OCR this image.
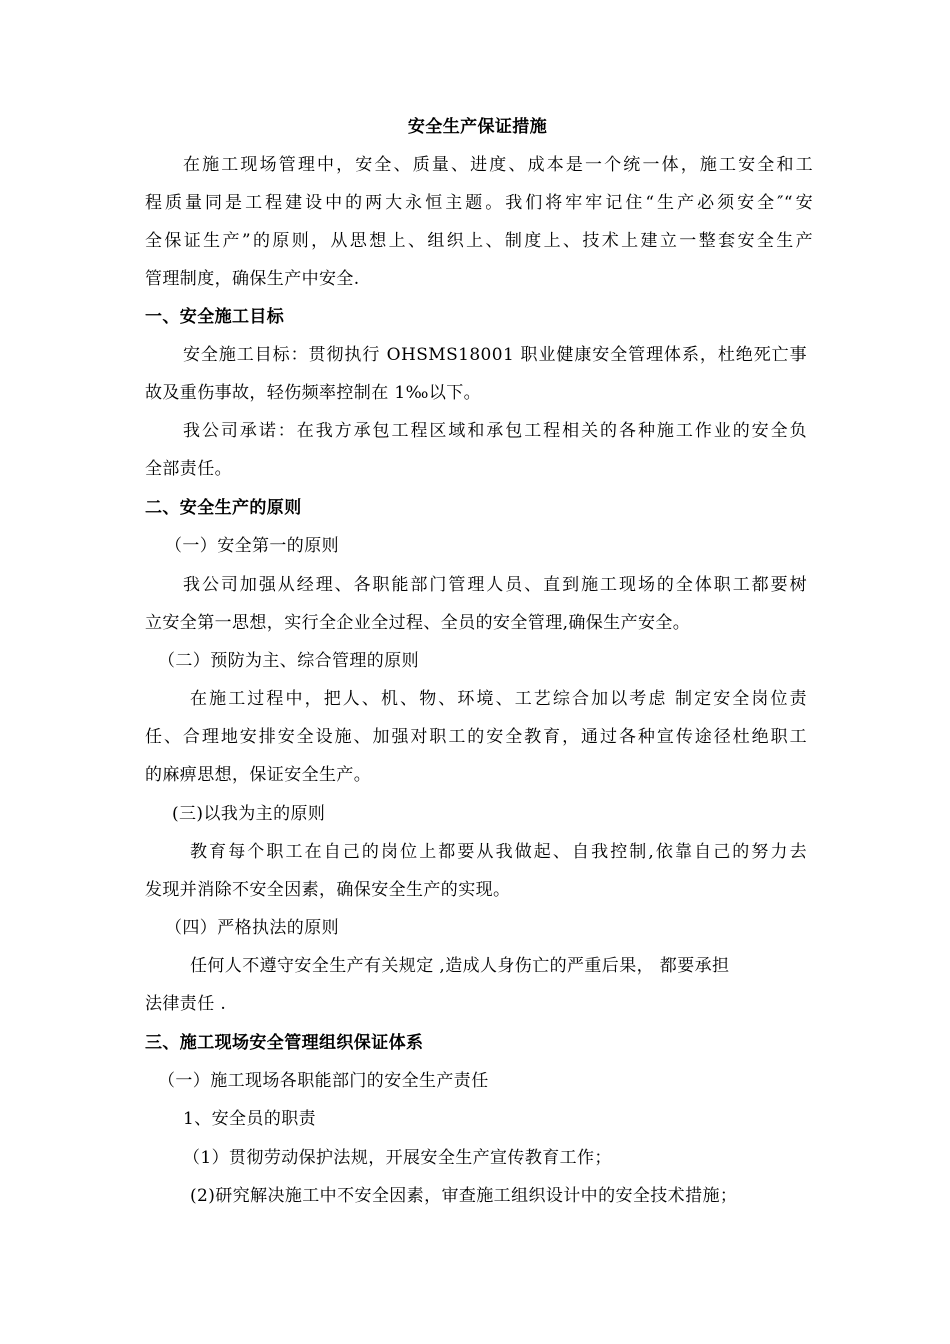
安全生产保证措施
在施工现场管理中，安全、质量、进度、成本是一个统一体，施工安全和工
程质量同是工程建设中的两大永恒主题。我们将牢牢记住“生产必须安全″“安
全保证生产”的原则，从思想上、组织上、制度上、技术上建立一整套安全生产
管理制度，确保生产中安全.
一、安全施工目标
安全施工目标：贯彻执行 OHSMS18001 职业健康安全管理体系，杜绝死亡事
故及重伤事故，轻伤频率控制在 1‰以下。
我公司承诺：在我方承包工程区域和承包工程相关的各种施工作业的安全负
全部责任。
二、安全生产的原则
（一）安全第一的原则
我公司加强从经理、各职能部门管理人员、直到施工现场的全体职工都要树
立安全第一思想，实行全企业全过程、全员的安全管理,确保生产安全。
（二）预防为主、综合管理的原则
在施工过程中，把人、机、物、环境、工艺综合加以考虑 制定安全岗位责
任、合理地安排安全设施、加强对职工的安全教育，通过各种宣传途径杜绝职工
的麻痹思想，保证安全生产。
(三)以我为主的原则
教育每个职工在自己的岗位上都要从我做起、自我控制,依靠自己的努力去
发现并消除不安全因素，确保安全生产的实现。
（四）严格执法的原则
任何人不遵守安全生产有关规定 ,造成人身伤亡的严重后果， 都要承担
法律责任 .
三、施工现场安全管理组织保证体系
（一）施工现场各职能部门的安全生产责任
1、安全员的职责
（1）贯彻劳动保护法规，开展安全生产宣传教育工作；
(2)研究解决施工中不安全因素，审查施工组织设计中的安全技术措施；
